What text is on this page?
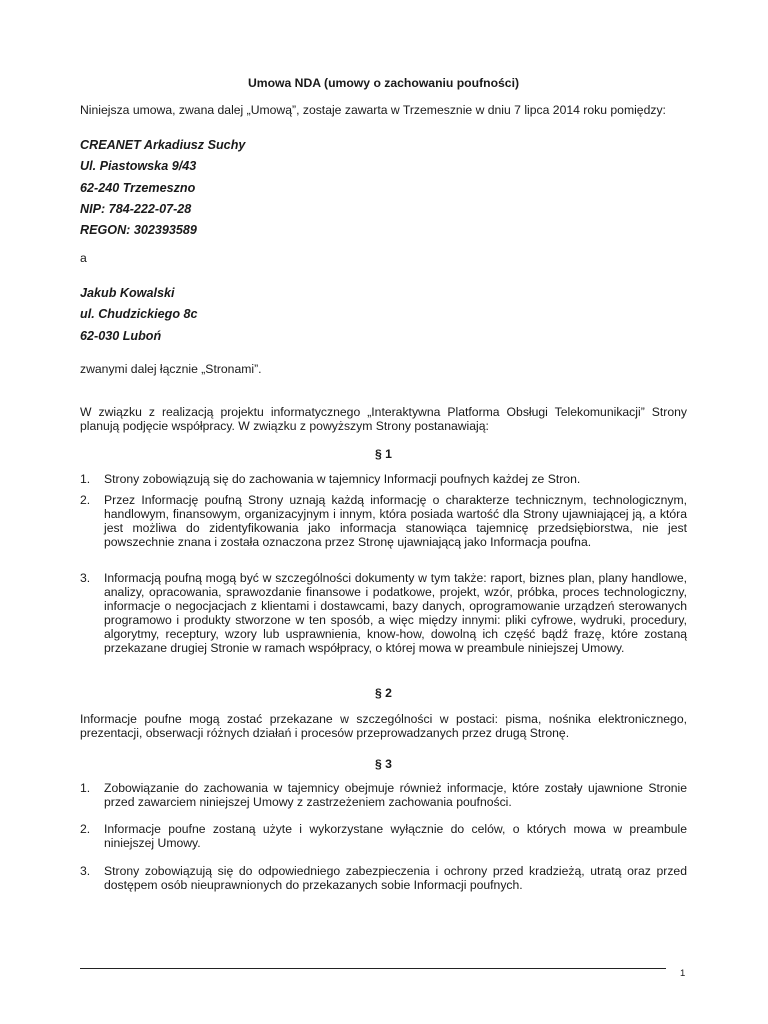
Umowa NDA (umowy o zachowaniu poufności)
Niniejsza umowa, zwana dalej „Umową”, zostaje zawarta w Trzemesznie w dniu 7 lipca 2014 roku pomiędzy:
CREANET Arkadiusz Suchy
Ul. Piastowska 9/43
62-240 Trzemeszno
NIP: 784-222-07-28
REGON: 302393589
a
Jakub Kowalski
ul. Chudzickiego 8c
62-030 Luboń
zwanymi dalej łącznie „Stronami”.
W związku z realizacją projektu informatycznego „Interaktywna Platforma Obsługi Telekomunikacji” Strony planują podjęcie współpracy. W związku z powyższym Strony postanawiają:
§ 1
1.	Strony zobowiązują się do zachowania w tajemnicy Informacji poufnych każdej ze Stron.
2.	Przez Informację poufną Strony uznają każdą informację o charakterze technicznym, technologicznym, handlowym, finansowym, organizacyjnym i innym, która posiada wartość dla Strony ujawniającej ją, a która jest możliwa do zidentyfikowania jako informacja stanowiąca tajemnicę przedsiębiorstwa, nie jest powszechnie znana i została oznaczona przez Stronę ujawniającą jako Informacja poufna.
3.	Informacją poufną mogą być w szczególności dokumenty w tym także: raport, biznes plan, plany handlowe, analizy, opracowania, sprawozdanie finansowe i podatkowe, projekt, wzór, próbka, proces technologiczny, informacje o negocjacjach z klientami i dostawcami, bazy danych, oprogramowanie urządzeń sterowanych programowo i produkty stworzone w ten sposób, a więc między innymi: pliki cyfrowe, wydruki, procedury, algorytmy, receptury, wzory lub usprawnienia, know-how, dowolną ich część bądź frazę, które zostaną przekazane drugiej Stronie w ramach współpracy, o której mowa w preambule niniejszej Umowy.
§ 2
Informacje poufne mogą zostać przekazane w szczególności w postaci: pisma, nośnika elektronicznego, prezentacji, obserwacji różnych działań i procesów przeprowadzanych przez drugą Stronę.
§ 3
1.	Zobowiązanie do zachowania w tajemnicy obejmuje również informacje, które zostały ujawnione Stronie przed zawarciem niniejszej Umowy z zastrzeżeniem zachowania poufności.
2.	Informacje poufne zostaną użyte i wykorzystane wyłącznie do celów, o których mowa w preambule niniejszej Umowy.
3.	Strony zobowiązują się do odpowiedniego zabezpieczenia i ochrony przed kradzieżą, utratą oraz przed dostępem osób nieuprawnionych do przekazanych sobie Informacji poufnych.
1
